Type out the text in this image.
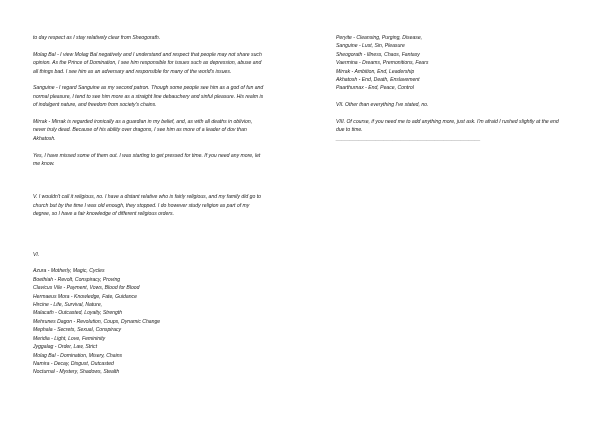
to day respect as I stay relatively clear from Sheogorath.

Molag Bal - I view Molag Bal negatively and I understand and respect that people may not share such opinion. As the Prince of Domination, I see him responsible for issues such as depression, abuse and all things bad. I see him as an adversary and responsible for many of the world's issues.

Sanguine - I regard Sanguine as my second patron. Though some people see him as a god of fun and normal pleasure, I tend to see him more as a straight line debauchery and sinful pleasure. His realm is of indulgent nature, and freedom from society's chains.

Mirrak - Mirrak is regarded ironically as a guardian in my belief, and, as with all deaths in oblivion, never truly dead. Because of his ability over dragons, I see him as more of a leader of dov than Akhatosh.

Yes, I have missed some of them out. I was starting to get pressed for time. If you need any more, let me know.

V. I wouldn't call it religious, no. I have a distant relative who is fairly religious, and my family did go to church but by the time I was old enough, they stopped. I do however study religion as part of my degree, so I have a fair knowledge of different religious orders.

VI.

Azura - Motherly, Magic, Cycles
Boethiah - Revolt, Conspiracy, Proving
Clavicus Vile - Payment, Vows, Blood for Blood
Hermaeus Mora - Knowledge, Fate, Guidance
Hircine - Life, Survival, Nature,
Malacath - Outcasted, Loyalty, Strength
Mehrunes Dagon - Revolution, Coups, Dynamic Change
Mephala - Secrets, Sexual, Conspiracy
Meridia - Light, Love, Femininity
Jyggalag - Order, Law, Strict
Molag Bal - Domination, Misery, Chains
Namira - Decay, Disgust, Outcasted
Nocturnal - Mystery, Shadows, Stealth
Peryite - Cleansing, Purging, Disease,
Sanguine - Lust, Sin, Pleasure
Sheogorath - Illness, Chaos, Fantasy
Vaermina - Dreams, Premonitions, Fears
Mirrak - Ambition, End, Leadership
Akhatosh - End, Death, Enslavement
Paarthurnax - End, Peace, Control

VII. Other than everything I've stated, no.

VIII. Of course, if you need me to add anything more, just ask. I'm afraid I rushed slightly at the end due to time.

___________________________________________________
